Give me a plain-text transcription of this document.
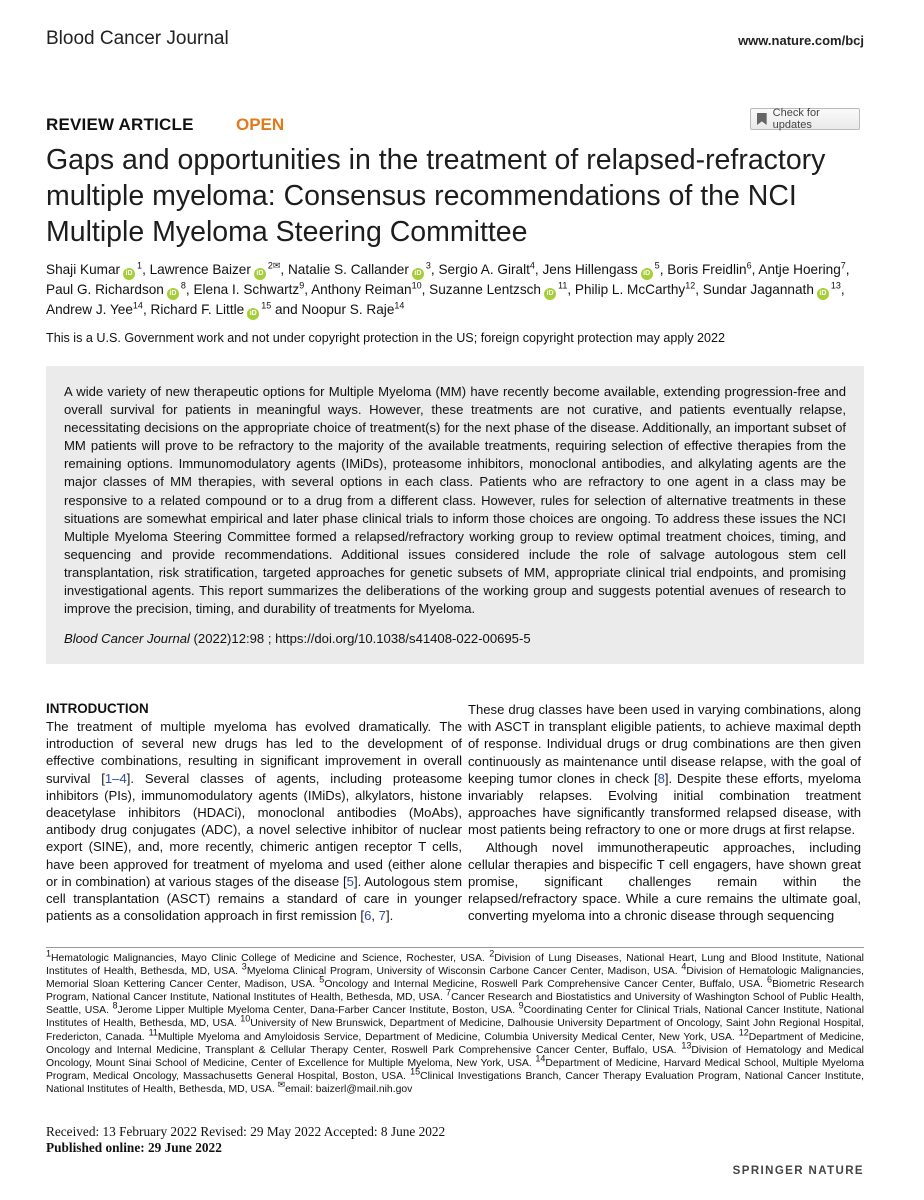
Blood Cancer Journal	www.nature.com/bcj
REVIEW ARTICLE OPEN
Check for updates
Gaps and opportunities in the treatment of relapsed-refractory multiple myeloma: Consensus recommendations of the NCI Multiple Myeloma Steering Committee
Shaji Kumar $iD^1$, Lawrence Baizer $iD^{2✉}$, Natalie S. Callander $iD^3$, Sergio A. Giralt$^4$, Jens Hillengass $iD^5$, Boris Freidlin$^6$, Antje Hoering$^7$, Paul G. Richardson $iD^8$, Elena I. Schwartz$^9$, Anthony Reiman$^{10}$, Suzanne Lentzsch $iD^{11}$, Philip L. McCarthy$^{12}$, Sundar Jagannath $iD^{13}$, Andrew J. Yee$^{14}$, Richard F. Little $iD^{15}$ and Noopur S. Raje$^{14}$
This is a U.S. Government work and not under copyright protection in the US; foreign copyright protection may apply 2022
A wide variety of new therapeutic options for Multiple Myeloma (MM) have recently become available, extending progression-free and overall survival for patients in meaningful ways. However, these treatments are not curative, and patients eventually relapse, necessitating decisions on the appropriate choice of treatment(s) for the next phase of the disease. Additionally, an important subset of MM patients will prove to be refractory to the majority of the available treatments, requiring selection of effective therapies from the remaining options. Immunomodulatory agents (IMiDs), proteasome inhibitors, monoclonal antibodies, and alkylating agents are the major classes of MM therapies, with several options in each class. Patients who are refractory to one agent in a class may be responsive to a related compound or to a drug from a different class. However, rules for selection of alternative treatments in these situations are somewhat empirical and later phase clinical trials to inform those choices are ongoing. To address these issues the NCI Multiple Myeloma Steering Committee formed a relapsed/refractory working group to review optimal treatment choices, timing, and sequencing and provide recommendations. Additional issues considered include the role of salvage autologous stem cell transplantation, risk stratification, targeted approaches for genetic subsets of MM, appropriate clinical trial endpoints, and promising investigational agents. This report summarizes the deliberations of the working group and suggests potential avenues of research to improve the precision, timing, and durability of treatments for Myeloma.
Blood Cancer Journal (2022)12:98 ; https://doi.org/10.1038/s41408-022-00695-5
INTRODUCTION
The treatment of multiple myeloma has evolved dramatically. The introduction of several new drugs has led to the development of effective combinations, resulting in significant improvement in overall survival [1–4]. Several classes of agents, including proteasome inhibitors (PIs), immunomodulatory agents (IMiDs), alkylators, histone deacetylase inhibitors (HDACi), monoclonal antibodies (MoAbs), antibody drug conjugates (ADC), a novel selective inhibitor of nuclear export (SINE), and, more recently, chimeric antigen receptor T cells, have been approved for treatment of myeloma and used (either alone or in combination) at various stages of the disease [5]. Autologous stem cell transplantation (ASCT) remains a standard of care in younger patients as a consolidation approach in first remission [6, 7].

These drug classes have been used in varying combinations, along with ASCT in transplant eligible patients, to achieve maximal depth of response. Individual drugs or drug combinations are then given continuously as maintenance until disease relapse, with the goal of keeping tumor clones in check [8]. Despite these efforts, myeloma invariably relapses. Evolving initial combination treatment approaches have significantly transformed relapsed disease, with most patients being refractory to one or more drugs at first relapse.

Although novel immunotherapeutic approaches, including cellular therapies and bispecific T cell engagers, have shown great promise, significant challenges remain within the relapsed/refractory space. While a cure remains the ultimate goal, converting myeloma into a chronic disease through sequencing

$^1$Hematologic Malignancies, Mayo Clinic College of Medicine and Science, Rochester, USA. $^2$Division of Lung Diseases, National Heart, Lung and Blood Institute, National Institutes of Health, Bethesda, MD, USA. $^3$Myeloma Clinical Program, University of Wisconsin Carbone Cancer Center, Madison, USA. $^4$Division of Hematologic Malignancies, Memorial Sloan Kettering Cancer Center, Madison, USA. $^5$Oncology and Internal Medicine, Roswell Park Comprehensive Cancer Center, Buffalo, USA. $^6$Biometric Research Program, National Cancer Institute, National Institutes of Health, Bethesda, MD, USA. $^7$Cancer Research and Biostatistics and University of Washington School of Public Health, Seattle, USA. $^8$Jerome Lipper Multiple Myeloma Center, Dana-Farber Cancer Institute, Boston, USA. $^9$Coordinating Center for Clinical Trials, National Cancer Institute, National Institutes of Health, Bethesda, MD, USA. $^{10}$University of New Brunswick, Department of Medicine, Dalhousie University Department of Oncology, Saint John Regional Hospital, Fredericton, Canada. $^{11}$Multiple Myeloma and Amyloidosis Service, Department of Medicine, Columbia University Medical Center, New York, USA. $^{12}$Department of Medicine, Oncology and Internal Medicine, Transplant & Cellular Therapy Center, Roswell Park Comprehensive Cancer Center, Buffalo, USA. $^{13}$Division of Hematology and Medical Oncology, Mount Sinai School of Medicine, Center of Excellence for Multiple Myeloma, New York, USA. $^{14}$Department of Medicine, Harvard Medical School, Multiple Myeloma Program, Medical Oncology, Massachusetts General Hospital, Boston, USA. $^{15}$Clinical Investigations Branch, Cancer Therapy Evaluation Program, National Cancer Institute, National Institutes of Health, Bethesda, MD, USA. ✉email: baizerl@mail.nih.gov
Received: 13 February 2022 Revised: 29 May 2022 Accepted: 8 June 2022
Published online: 29 June 2022
SPRINGER NATURE
